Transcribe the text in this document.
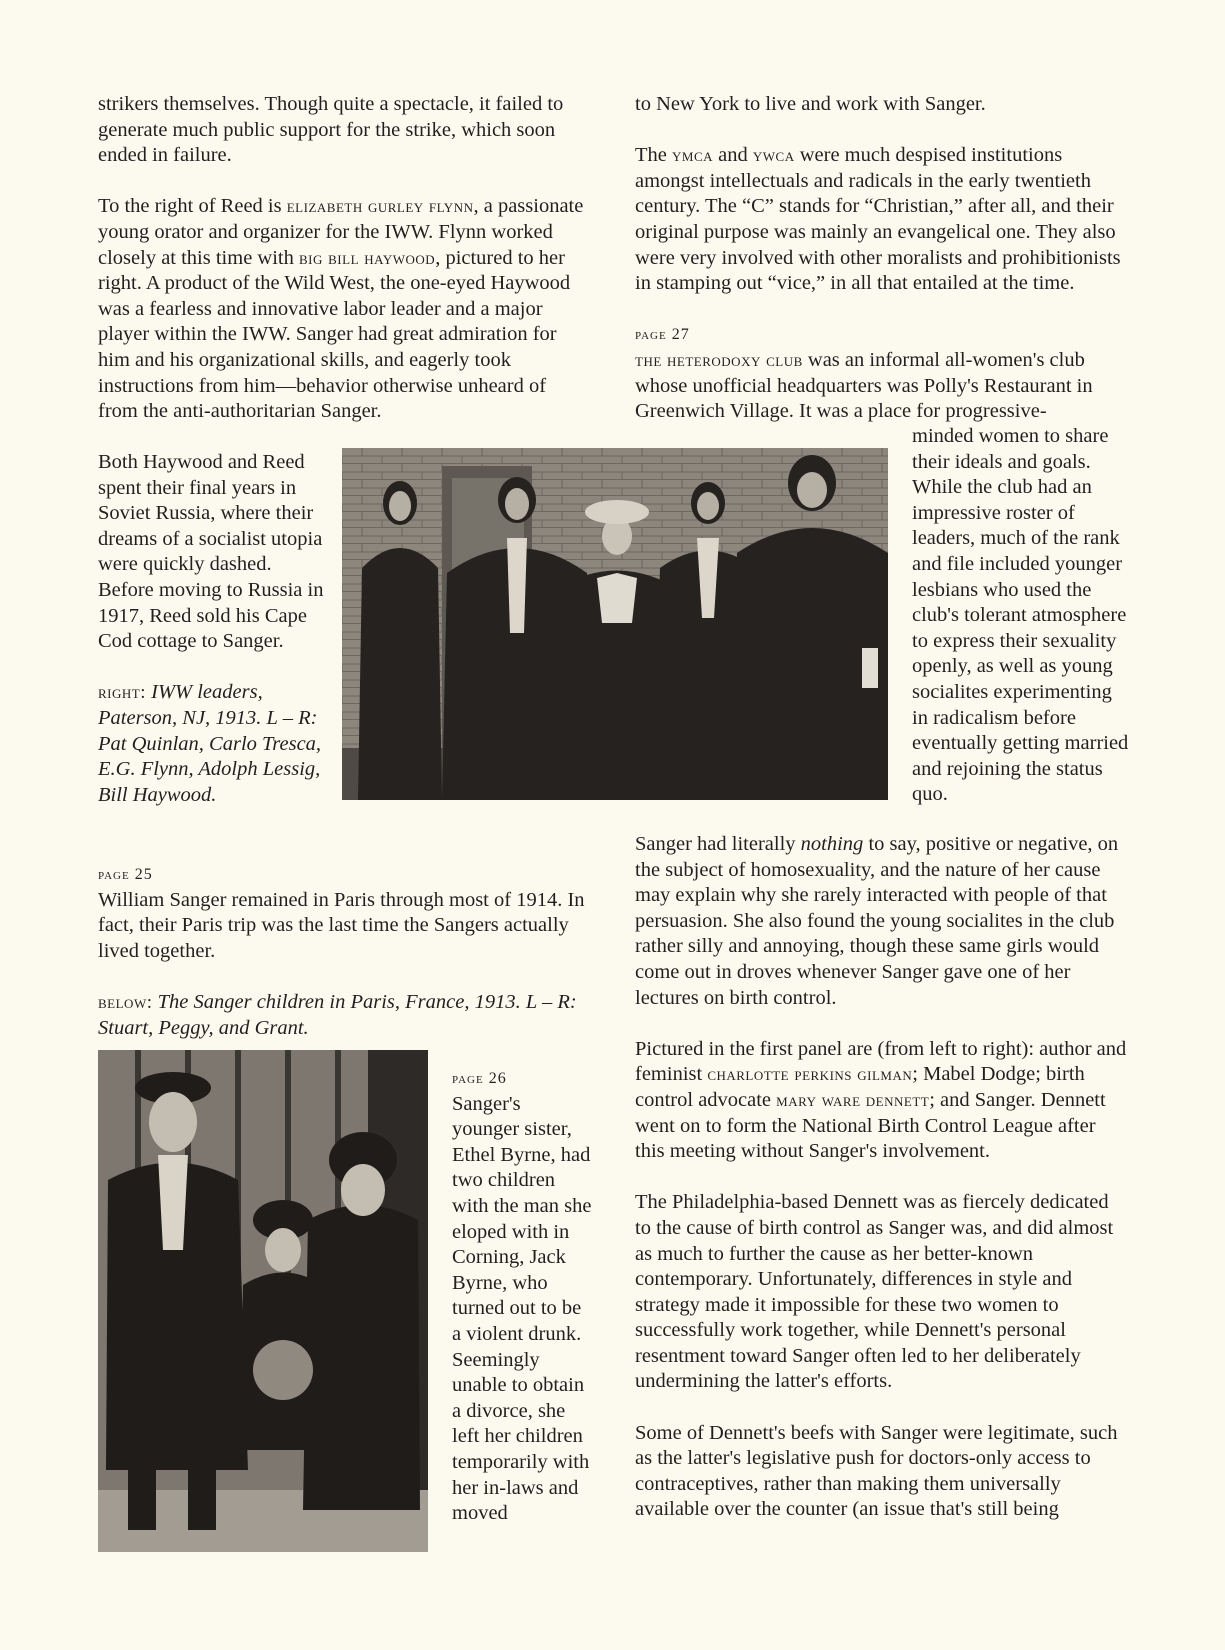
strikers themselves. Though quite a spectacle, it failed to generate much public support for the strike, which soon ended in failure.

To the right of Reed is elizabeth gurley flynn, a passionate young orator and organizer for the IWW. Flynn worked closely at this time with big bill haywood, pictured to her right. A product of the Wild West, the one-eyed Haywood was a fearless and innovative labor leader and a major player within the IWW. Sanger had great admiration for him and his organizational skills, and eagerly took instructions from him—behavior otherwise unheard of from the anti-authoritarian Sanger.

Both Haywood and Reed spent their final years in Soviet Russia, where their dreams of a socialist utopia were quickly dashed. Before moving to Russia in 1917, Reed sold his Cape Cod cottage to Sanger.

right: IWW leaders, Paterson, NJ, 1913. L – R: Pat Quinlan, Carlo Tresca, E.G. Flynn, Adolph Lessig, Bill Haywood.

page 25

William Sanger remained in Paris through most of 1914. In fact, their Paris trip was the last time the Sangers actually lived together.

below: The Sanger children in Paris, France, 1913. L – R: Stuart, Peggy, and Grant.

page 26

Sanger's younger sister, Ethel Byrne, had two children with the man she eloped with in Corning, Jack Byrne, who turned out to be a violent drunk. Seemingly unable to obtain a divorce, she left her children temporarily with her in-laws and moved

to New York to live and work with Sanger.

The ymca and ywca were much despised institutions amongst intellectuals and radicals in the early twentieth century. The “C” stands for “Christian,” after all, and their original purpose was mainly an evangelical one. They also were very involved with other moralists and prohibitionists in stamping out “vice,” in all that entailed at the time.

page 27

the heterodoxy club was an informal all-women's club whose unofficial headquarters was Polly's Restaurant in Greenwich Village. It was a place for progressive-

minded women to share their ideals and goals. While the club had an impressive roster of leaders, much of the rank and file included younger lesbians who used the club's tolerant atmosphere to express their sexuality openly, as well as young socialites experimenting in radicalism before eventually getting married and rejoining the status quo.

Sanger had literally nothing to say, positive or negative, on the subject of homosexuality, and the nature of her cause may explain why she rarely interacted with people of that persuasion. She also found the young socialites in the club rather silly and annoying, though these same girls would come out in droves whenever Sanger gave one of her lectures on birth control.

Pictured in the first panel are (from left to right): author and feminist charlotte perkins gilman; Mabel Dodge; birth control advocate mary ware dennett; and Sanger. Dennett went on to form the National Birth Control League after this meeting without Sanger's involvement.

The Philadelphia-based Dennett was as fiercely dedicated to the cause of birth control as Sanger was, and did almost as much to further the cause as her better-known contemporary. Unfortunately, differences in style and strategy made it impossible for these two women to successfully work together, while Dennett's personal resentment toward Sanger often led to her deliberately undermining the latter's efforts.

Some of Dennett's beefs with Sanger were legitimate, such as the latter's legislative push for doctors-only access to contraceptives, rather than making them universally available over the counter (an issue that's still being
